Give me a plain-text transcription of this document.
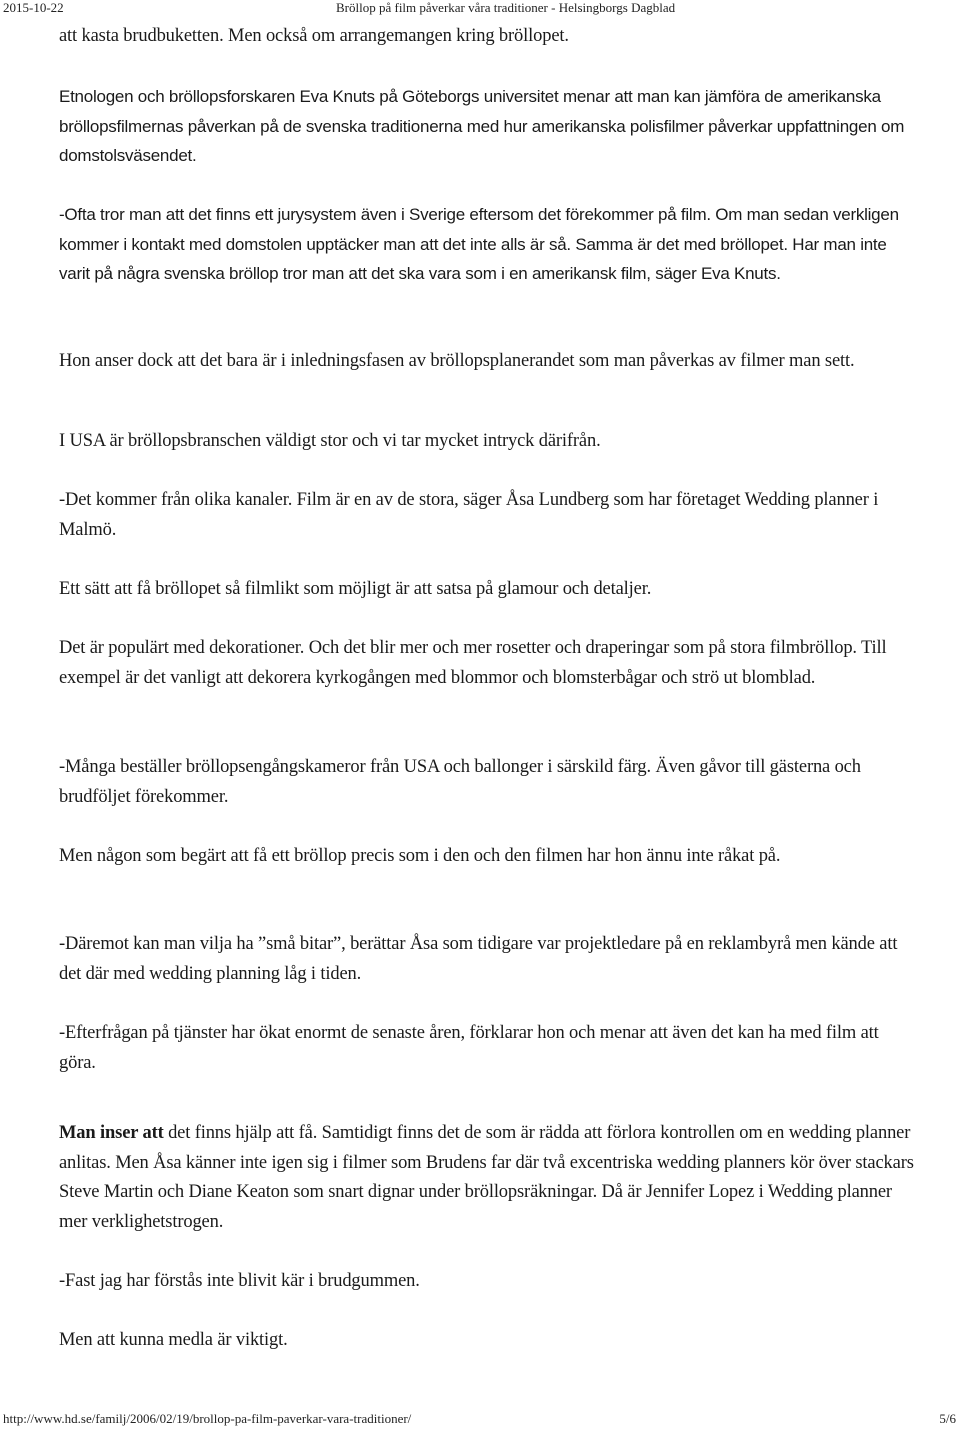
2015-10-22	Bröllop på film påverkar våra traditioner - Helsingborgs Dagblad

att kasta brudbuketten. Men också om arrangemangen kring bröllopet.

Etnologen och bröllopsforskaren Eva Knuts på Göteborgs universitet menar att man kan jämföra de amerikanska bröllopsfilmernas påverkan på de svenska traditionerna med hur amerikanska polisfilmer påverkar uppfattningen om domstolsväsendet.

-Ofta tror man att det finns ett jurysystem även i Sverige eftersom det förekommer på film. Om man sedan verkligen kommer i kontakt med domstolen upptäcker man att det inte alls är så. Samma är det med bröllopet. Har man inte varit på några svenska bröllop tror man att det ska vara som i en amerikansk film, säger Eva Knuts.

Hon anser dock att det bara är i inledningsfasen av bröllopsplanerandet som man påverkas av filmer man sett.

I USA är bröllopsbranschen väldigt stor och vi tar mycket intryck därifrån.

-Det kommer från olika kanaler. Film är en av de stora, säger Åsa Lundberg som har företaget Wedding planner i Malmö.

Ett sätt att få bröllopet så filmlikt som möjligt är att satsa på glamour och detaljer.

Det är populärt med dekorationer. Och det blir mer och mer rosetter och draperingar som på stora filmbröllop. Till exempel är det vanligt att dekorera kyrkogången med blommor och blomsterbågar och strö ut blomblad.

-Många beställer bröllopsengångskameror från USA och ballonger i särskild färg. Även gåvor till gästerna och brudföljet förekommer.

Men någon som begärt att få ett bröllop precis som i den och den filmen har hon ännu inte råkat på.

-Däremot kan man vilja ha ”små bitar”, berättar Åsa som tidigare var projektledare på en reklambyrå men kände att det där med wedding planning låg i tiden.

-Efterfrågan på tjänster har ökat enormt de senaste åren, förklarar hon och menar att även det kan ha med film att göra.

Man inser att det finns hjälp att få. Samtidigt finns det de som är rädda att förlora kontrollen om en wedding planner anlitas. Men Åsa känner inte igen sig i filmer som Brudens far där två excentriska wedding planners kör över stackars Steve Martin och Diane Keaton som snart dignar under bröllopsräkningar. Då är Jennifer Lopez i Wedding planner mer verklighetstrogen.

-Fast jag har förstås inte blivit kär i brudgummen.

Men att kunna medla är viktigt.

http://www.hd.se/familj/2006/02/19/brollop-pa-film-paverkar-vara-traditioner/	5/6
